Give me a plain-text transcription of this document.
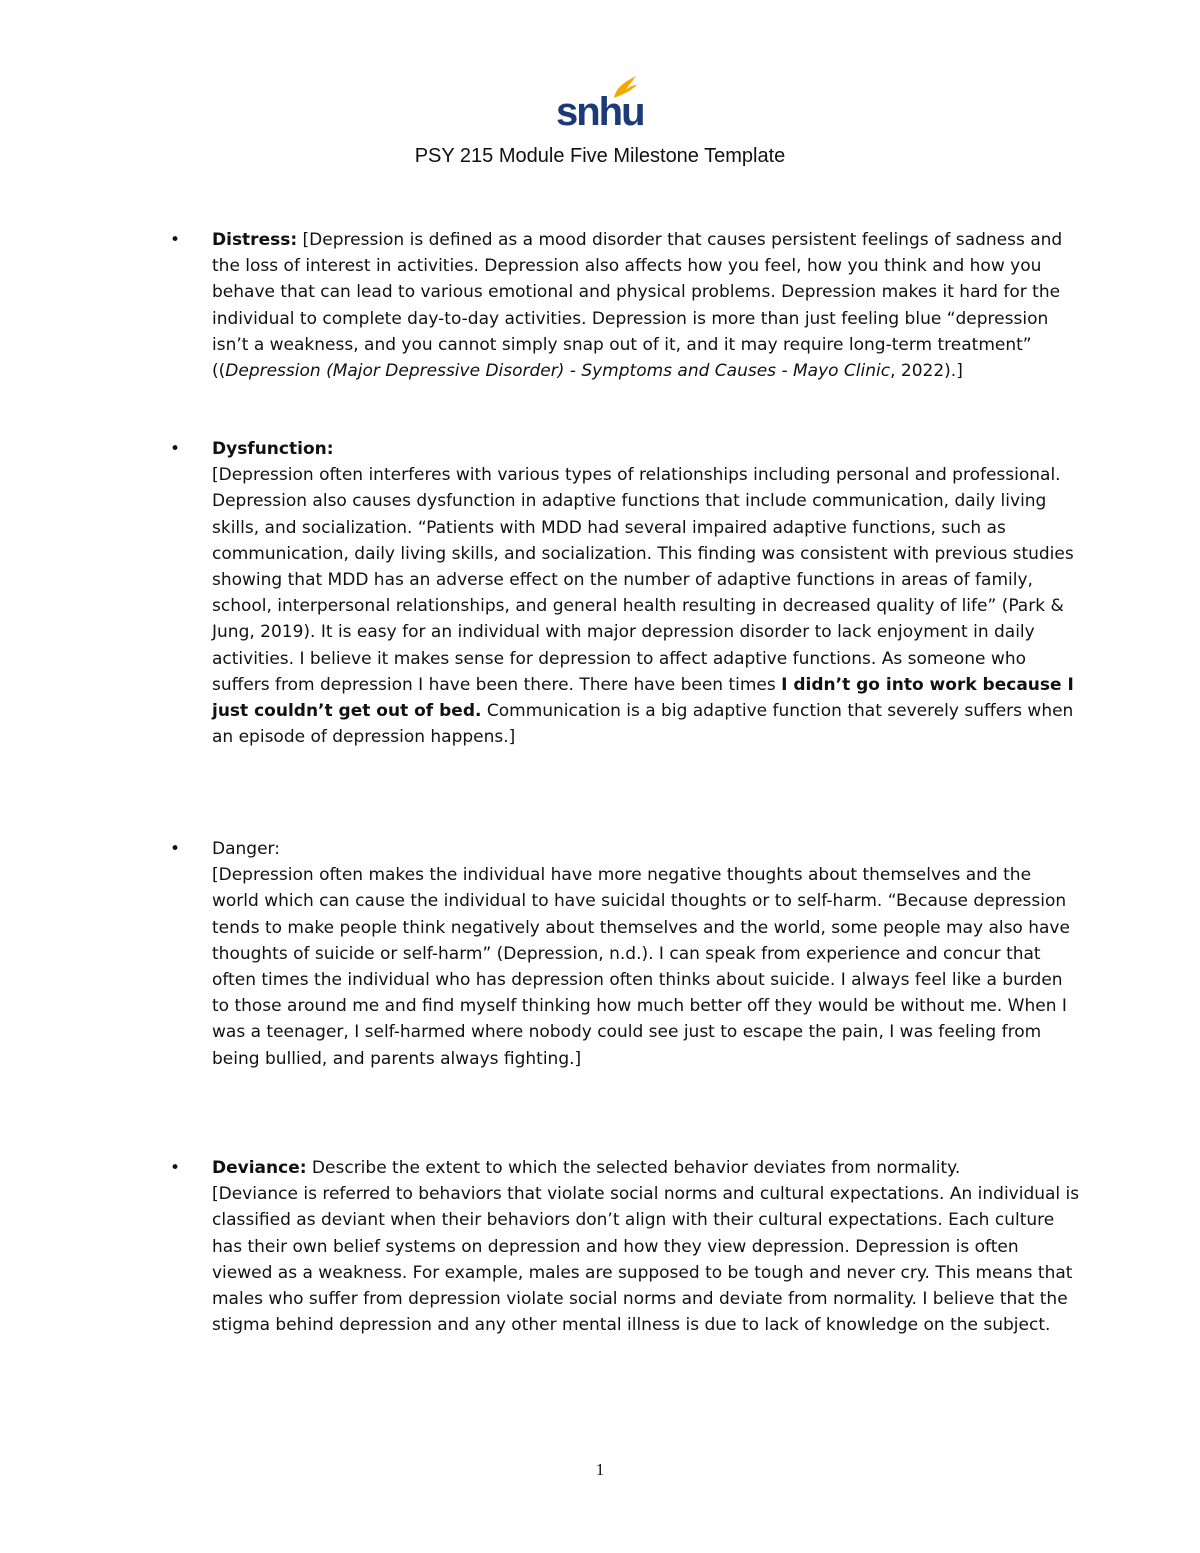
snhu
PSY 215 Module Five Milestone Template
• Distress: [Depression is defined as a mood disorder that causes persistent feelings of sadness and the loss of interest in activities. Depression also affects how you feel, how you think and how you behave that can lead to various emotional and physical problems. Depression makes it hard for the individual to complete day-to-day activities. Depression is more than just feeling blue “depression isn’t a weakness, and you cannot simply snap out of it, and it may require long-term treatment” ((Depression (Major Depressive Disorder) - Symptoms and Causes - Mayo Clinic, 2022).]

• Dysfunction:

[Depression often interferes with various types of relationships including personal and professional. Depression also causes dysfunction in adaptive functions that include communication, daily living skills, and socialization. “Patients with MDD had several impaired adaptive functions, such as communication, daily living skills, and socialization. This finding was consistent with previous studies showing that MDD has an adverse effect on the number of adaptive functions in areas of family, school, interpersonal relationships, and general health resulting in decreased quality of life” (Park & Jung, 2019). It is easy for an individual with major depression disorder to lack enjoyment in daily activities. I believe it makes sense for depression to affect adaptive functions. As someone who suffers from depression I have been there. There have been times I didn’t go into work because I just couldn’t get out of bed. Communication is a big adaptive function that severely suffers when an episode of depression happens.]

• Danger:

[Depression often makes the individual have more negative thoughts about themselves and the world which can cause the individual to have suicidal thoughts or to self-harm. “Because depression tends to make people think negatively about themselves and the world, some people may also have thoughts of suicide or self-harm” (Depression, n.d.). I can speak from experience and concur that often times the individual who has depression often thinks about suicide. I always feel like a burden to those around me and find myself thinking how much better off they would be without me. When I was a teenager, I self-harmed where nobody could see just to escape the pain, I was feeling from being bullied, and parents always fighting.]

• Deviance: Describe the extent to which the selected behavior deviates from normality.

[Deviance is referred to behaviors that violate social norms and cultural expectations. An individual is classified as deviant when their behaviors don’t align with their cultural expectations. Each culture has their own belief systems on depression and how they view depression. Depression is often viewed as a weakness. For example, males are supposed to be tough and never cry. This means that males who suffer from depression violate social norms and deviate from normality. I believe that the stigma behind depression and any other mental illness is due to lack of knowledge on the subject.

1
